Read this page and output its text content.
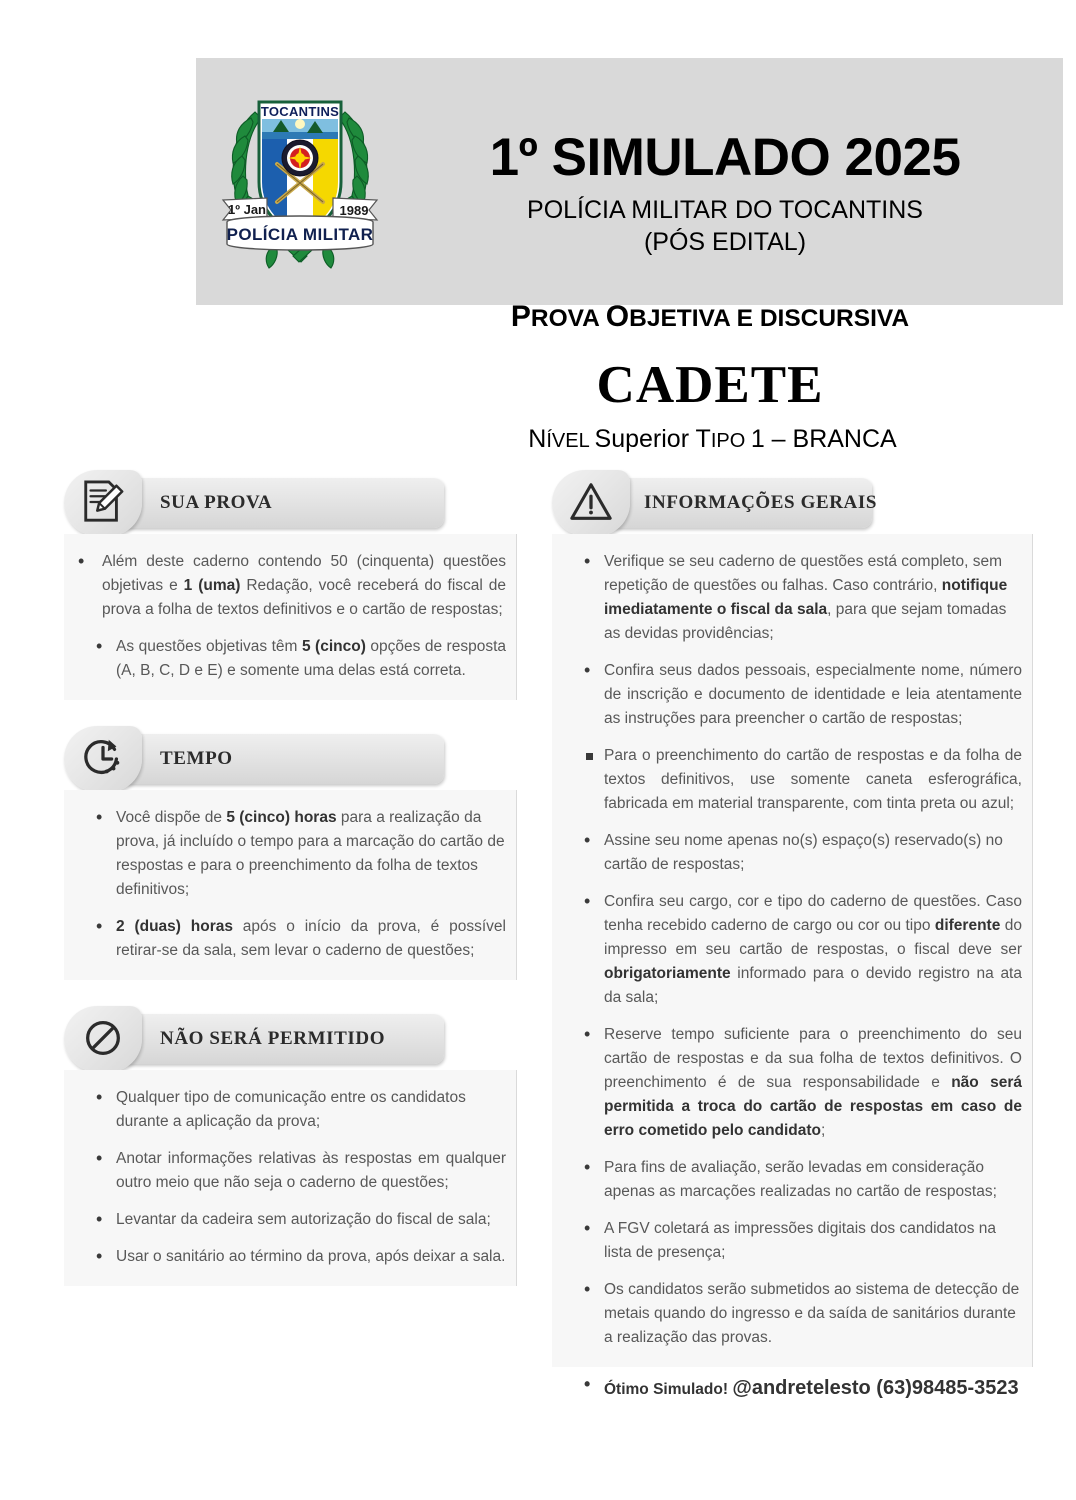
TOCANTINS
1º Jan	1989
POLÍCIA MILITAR
1º SIMULADO 2025
POLÍCIA MILITAR DO TOCANTINS
(PÓS EDITAL)
PROVA OBJETIVA E DISCURSIVA
CADETE
NÍVEL Superior TIPO 1 – BRANCA
SUA PROVA
• Além deste caderno contendo 50 (cinquenta) questões objetivas e 1 (uma) Redação, você receberá do fiscal de prova a folha de textos definitivos e o cartão de respostas;
• As questões objetivas têm 5 (cinco) opções de resposta (A, B, C, D e E) e somente uma delas está correta.
TEMPO
• Você dispõe de 5 (cinco) horas para a realização da prova, já incluído o tempo para a marcação do cartão de respostas e para o preenchimento da folha de textos definitivos;
• 2 (duas) horas após o início da prova, é possível retirar-se da sala, sem levar o caderno de questões;
NÃO SERÁ PERMITIDO
• Qualquer tipo de comunicação entre os candidatos durante a aplicação da prova;
• Anotar informações relativas às respostas em qualquer outro meio que não seja o caderno de questões;
• Levantar da cadeira sem autorização do fiscal de sala;
• Usar o sanitário ao término da prova, após deixar a sala.
INFORMAÇÕES GERAIS
• Verifique se seu caderno de questões está completo, sem repetição de questões ou falhas. Caso contrário, notifique imediatamente o fiscal da sala, para que sejam tomadas as devidas providências;
• Confira seus dados pessoais, especialmente nome, número de inscrição e documento de identidade e leia atentamente as instruções para preencher o cartão de respostas;
Para o preenchimento do cartão de respostas e da folha de textos definitivos, use somente caneta esferográfica, fabricada em material transparente, com tinta preta ou azul;
• Assine seu nome apenas no(s) espaço(s) reservado(s) no cartão de respostas;
• Confira seu cargo, cor e tipo do caderno de questões. Caso tenha recebido caderno de cargo ou cor ou tipo diferente do impresso em seu cartão de respostas, o fiscal deve ser obrigatoriamente informado para o devido registro na ata da sala;
• Reserve tempo suficiente para o preenchimento do seu cartão de respostas e da sua folha de textos definitivos. O preenchimento é de sua responsabilidade e não será permitida a troca do cartão de respostas em caso de erro cometido pelo candidato;
• Para fins de avaliação, serão levadas em consideração apenas as marcações realizadas no cartão de respostas;
• A FGV coletará as impressões digitais dos candidatos na lista de presença;
• Os candidatos serão submetidos ao sistema de detecção de metais quando do ingresso e da saída de sanitários durante a realização das provas.
• Ótimo Simulado! @andretelesto (63)98485-3523
